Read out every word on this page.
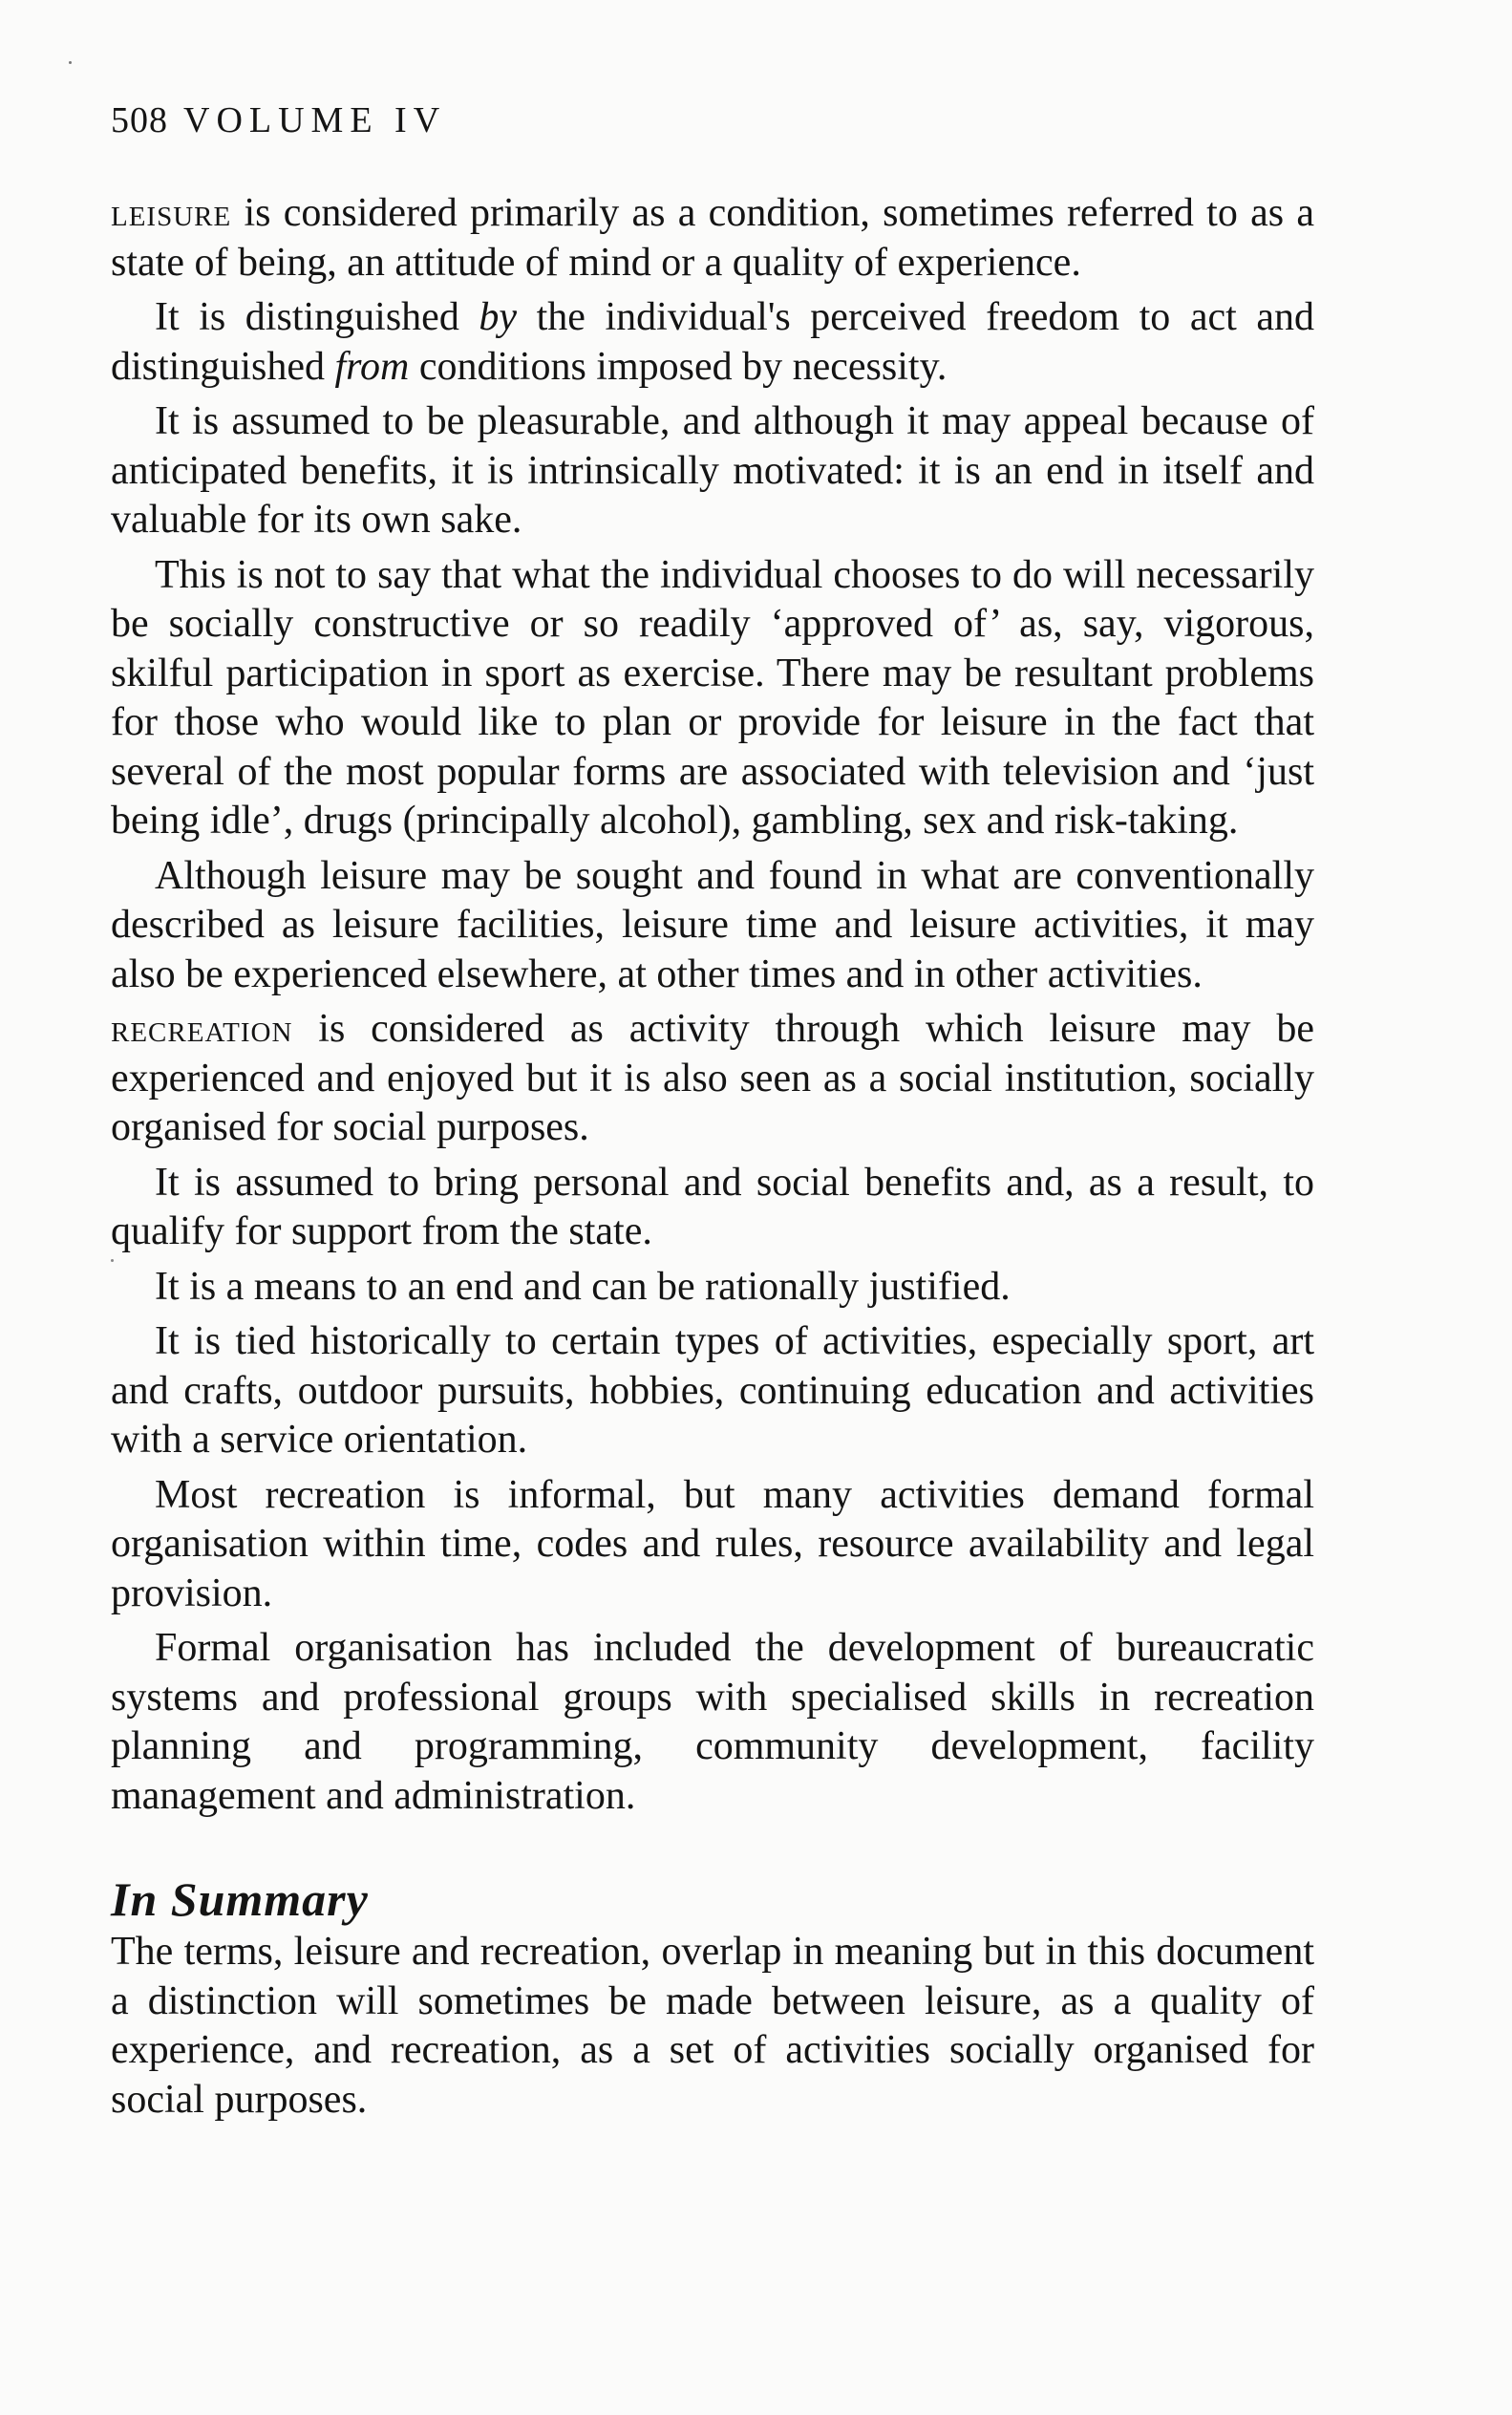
508 VOLUME IV

leisure is considered primarily as a condition, sometimes referred to as a state of being, an attitude of mind or a quality of experience.

It is distinguished by the individual's perceived freedom to act and distinguished from conditions imposed by necessity.

It is assumed to be pleasurable, and although it may appeal because of anticipated benefits, it is intrinsically motivated: it is an end in itself and valuable for its own sake.

This is not to say that what the individual chooses to do will necessarily be socially constructive or so readily ‘approved of’ as, say, vigorous, skilful participation in sport as exercise. There may be resultant problems for those who would like to plan or provide for leisure in the fact that several of the most popular forms are associated with television and ‘just being idle’, drugs (principally alcohol), gambling, sex and risk-taking.

Although leisure may be sought and found in what are conventionally described as leisure facilities, leisure time and leisure activities, it may also be experienced elsewhere, at other times and in other activities.

recreation is considered as activity through which leisure may be experienced and enjoyed but it is also seen as a social institution, socially organised for social purposes.

It is assumed to bring personal and social benefits and, as a result, to qualify for support from the state.

It is a means to an end and can be rationally justified.

It is tied historically to certain types of activities, especially sport, art and crafts, outdoor pursuits, hobbies, continuing education and activities with a service orientation.

Most recreation is informal, but many activities demand formal organisation within time, codes and rules, resource availability and legal provision.

Formal organisation has included the development of bureaucratic systems and professional groups with specialised skills in recreation planning and programming, community development, facility management and administration.

In Summary

The terms, leisure and recreation, overlap in meaning but in this document a distinction will sometimes be made between leisure, as a quality of experience, and recreation, as a set of activities socially organised for social purposes.
